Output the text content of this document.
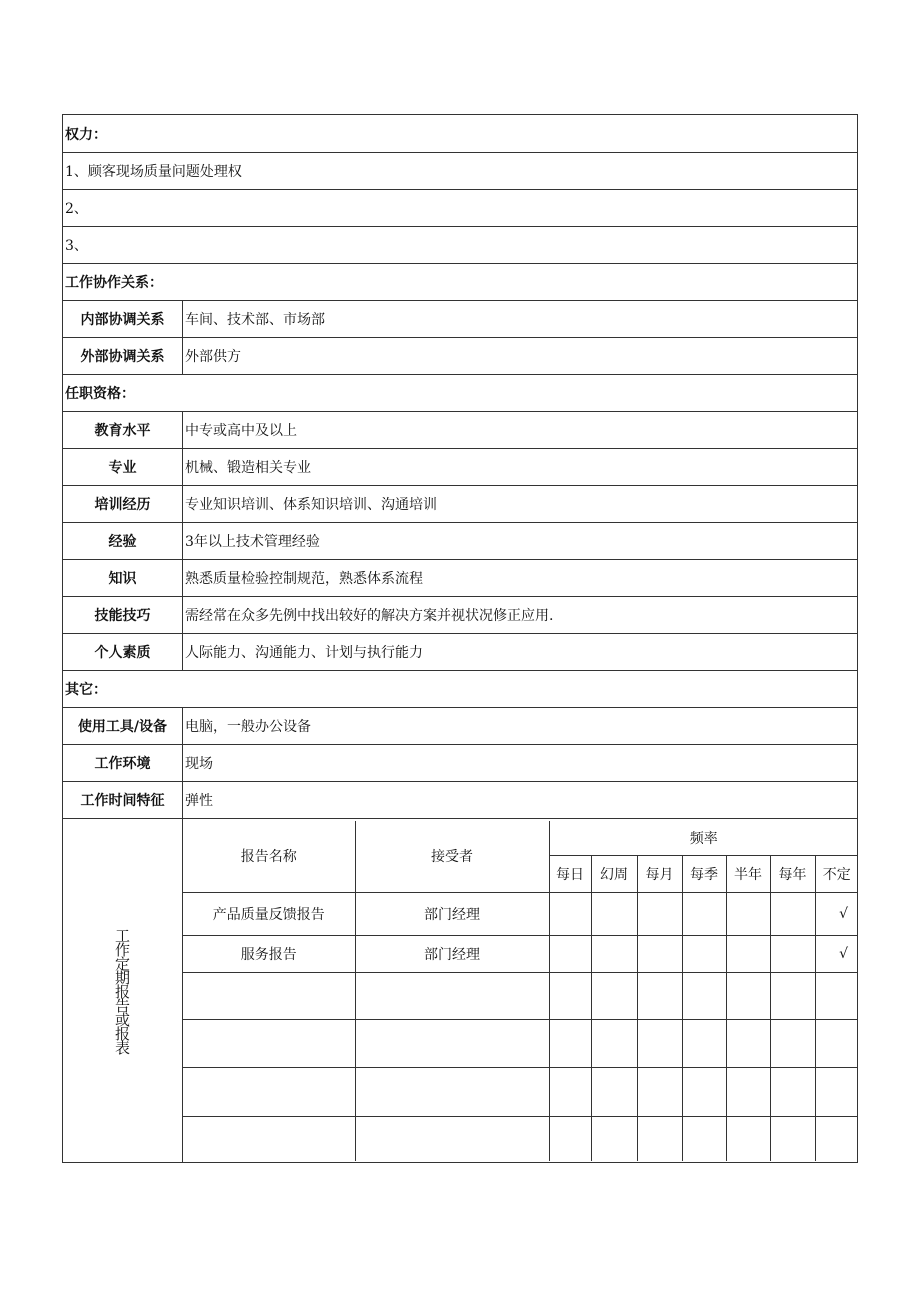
权力：
1、顾客现场质量问题处理权
2、
3、
工作协作关系：
内部协调关系	车间、技术部、市场部
外部协调关系	外部供方
任职资格：
教育水平	中专或高中及以上
专业	机械、锻造相关专业
培训经历	专业知识培训、体系知识培训、沟通培训
经验	3年以上技术管理经验
知识	熟悉质量检验控制规范，熟悉体系流程
技能技巧	需经常在众多先例中找出较好的解决方案并视状况修正应用.
个人素质	人际能力、沟通能力、计划与执行能力
其它：
使用工具/设备	电脑，一般办公设备
工作环境	现场
工作时间特征	弹性

工作定期报告或报表

报告名称	接受者	频率
每日	幻周	每月	每季	半年	每年	不定
产品质量反馈报告	部门经理							√
服务报告	部门经理							√
